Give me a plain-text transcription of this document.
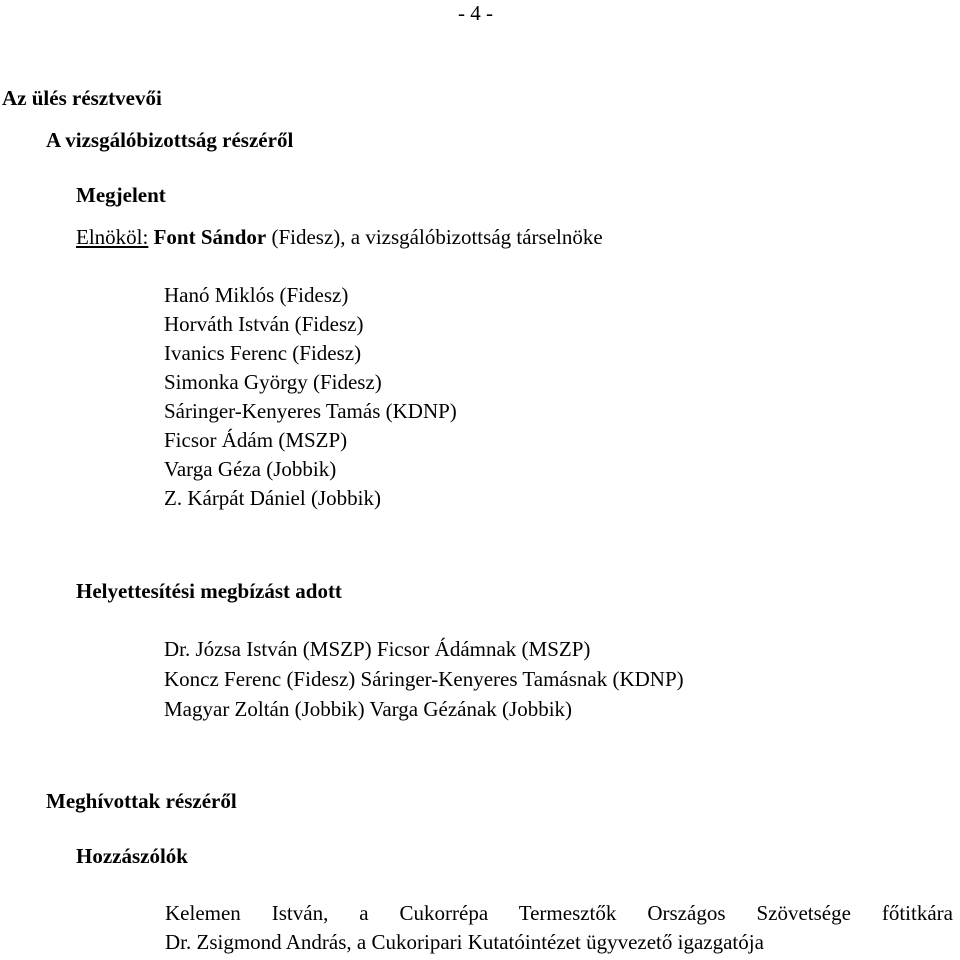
- 4 -
Az ülés résztvevői
A vizsgálóbizottság részéről
Megjelent
Elnököl: Font Sándor (Fidesz), a vizsgálóbizottság társelnöke
Hanó Miklós (Fidesz)
Horváth István (Fidesz)
Ivanics Ferenc (Fidesz)
Simonka György (Fidesz)
Sáringer-Kenyeres Tamás (KDNP)
Ficsor Ádám (MSZP)
Varga Géza (Jobbik)
Z. Kárpát Dániel (Jobbik)
Helyettesítési megbízást adott
Dr. Józsa István (MSZP) Ficsor Ádámnak (MSZP)
Koncz Ferenc (Fidesz) Sáringer-Kenyeres Tamásnak (KDNP)
Magyar Zoltán (Jobbik) Varga Gézának (Jobbik)
Meghívottak részéről
Hozzászólók
Kelemen István, a Cukorrépa Termesztők Országos Szövetsége főtitkára
Dr. Zsigmond András, a Cukoripari Kutatóintézet ügyvezető igazgatója
